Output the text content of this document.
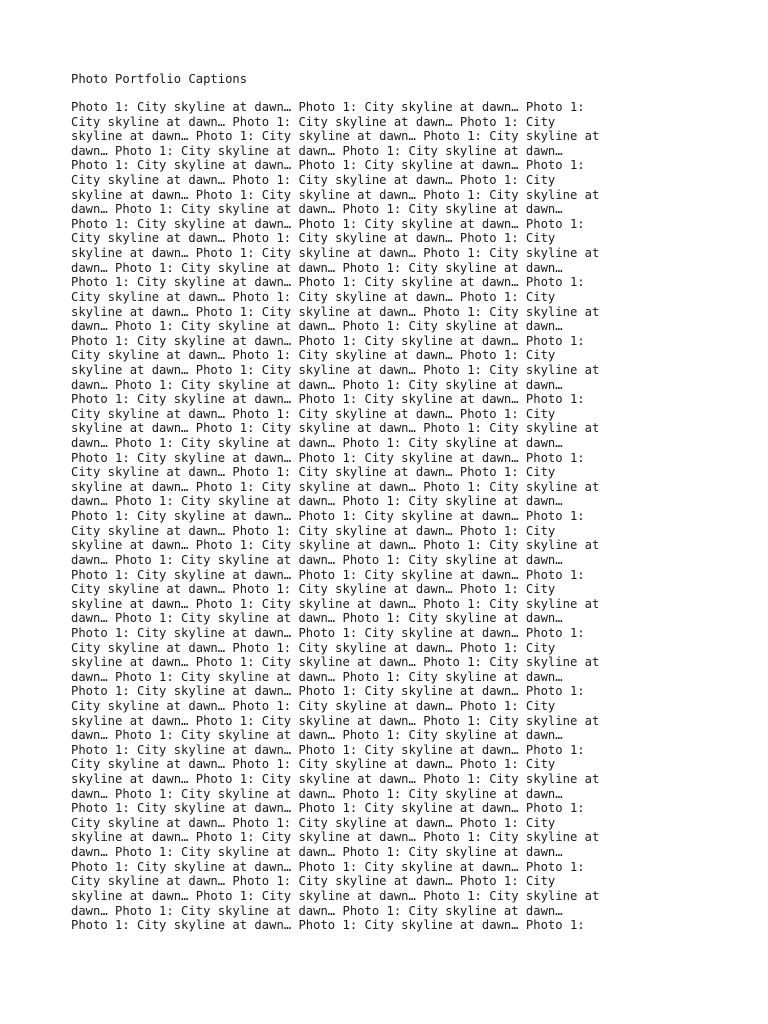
Photo Portfolio Captions
Photo 1: City skyline at dawn… Photo 1: City skyline at dawn… Photo 1:
City skyline at dawn… Photo 1: City skyline at dawn… Photo 1: City
skyline at dawn… Photo 1: City skyline at dawn… Photo 1: City skyline at
dawn… Photo 1: City skyline at dawn… Photo 1: City skyline at dawn…
Photo 1: City skyline at dawn… Photo 1: City skyline at dawn… Photo 1:
City skyline at dawn… Photo 1: City skyline at dawn… Photo 1: City
skyline at dawn… Photo 1: City skyline at dawn… Photo 1: City skyline at
dawn… Photo 1: City skyline at dawn… Photo 1: City skyline at dawn…
Photo 1: City skyline at dawn… Photo 1: City skyline at dawn… Photo 1:
City skyline at dawn… Photo 1: City skyline at dawn… Photo 1: City
skyline at dawn… Photo 1: City skyline at dawn… Photo 1: City skyline at
dawn… Photo 1: City skyline at dawn… Photo 1: City skyline at dawn…
Photo 1: City skyline at dawn… Photo 1: City skyline at dawn… Photo 1:
City skyline at dawn… Photo 1: City skyline at dawn… Photo 1: City
skyline at dawn… Photo 1: City skyline at dawn… Photo 1: City skyline at
dawn… Photo 1: City skyline at dawn… Photo 1: City skyline at dawn…
Photo 1: City skyline at dawn… Photo 1: City skyline at dawn… Photo 1:
City skyline at dawn… Photo 1: City skyline at dawn… Photo 1: City
skyline at dawn… Photo 1: City skyline at dawn… Photo 1: City skyline at
dawn… Photo 1: City skyline at dawn… Photo 1: City skyline at dawn…
Photo 1: City skyline at dawn… Photo 1: City skyline at dawn… Photo 1:
City skyline at dawn… Photo 1: City skyline at dawn… Photo 1: City
skyline at dawn… Photo 1: City skyline at dawn… Photo 1: City skyline at
dawn… Photo 1: City skyline at dawn… Photo 1: City skyline at dawn…
Photo 1: City skyline at dawn… Photo 1: City skyline at dawn… Photo 1:
City skyline at dawn… Photo 1: City skyline at dawn… Photo 1: City
skyline at dawn… Photo 1: City skyline at dawn… Photo 1: City skyline at
dawn… Photo 1: City skyline at dawn… Photo 1: City skyline at dawn…
Photo 1: City skyline at dawn… Photo 1: City skyline at dawn… Photo 1:
City skyline at dawn… Photo 1: City skyline at dawn… Photo 1: City
skyline at dawn… Photo 1: City skyline at dawn… Photo 1: City skyline at
dawn… Photo 1: City skyline at dawn… Photo 1: City skyline at dawn…
Photo 1: City skyline at dawn… Photo 1: City skyline at dawn… Photo 1:
City skyline at dawn… Photo 1: City skyline at dawn… Photo 1: City
skyline at dawn… Photo 1: City skyline at dawn… Photo 1: City skyline at
dawn… Photo 1: City skyline at dawn… Photo 1: City skyline at dawn…
Photo 1: City skyline at dawn… Photo 1: City skyline at dawn… Photo 1:
City skyline at dawn… Photo 1: City skyline at dawn… Photo 1: City
skyline at dawn… Photo 1: City skyline at dawn… Photo 1: City skyline at
dawn… Photo 1: City skyline at dawn… Photo 1: City skyline at dawn…
Photo 1: City skyline at dawn… Photo 1: City skyline at dawn… Photo 1:
City skyline at dawn… Photo 1: City skyline at dawn… Photo 1: City
skyline at dawn… Photo 1: City skyline at dawn… Photo 1: City skyline at
dawn… Photo 1: City skyline at dawn… Photo 1: City skyline at dawn…
Photo 1: City skyline at dawn… Photo 1: City skyline at dawn… Photo 1:
City skyline at dawn… Photo 1: City skyline at dawn… Photo 1: City
skyline at dawn… Photo 1: City skyline at dawn… Photo 1: City skyline at
dawn… Photo 1: City skyline at dawn… Photo 1: City skyline at dawn…
Photo 1: City skyline at dawn… Photo 1: City skyline at dawn… Photo 1:
City skyline at dawn… Photo 1: City skyline at dawn… Photo 1: City
skyline at dawn… Photo 1: City skyline at dawn… Photo 1: City skyline at
dawn… Photo 1: City skyline at dawn… Photo 1: City skyline at dawn…
Photo 1: City skyline at dawn… Photo 1: City skyline at dawn… Photo 1:
City skyline at dawn… Photo 1: City skyline at dawn… Photo 1: City
skyline at dawn… Photo 1: City skyline at dawn… Photo 1: City skyline at
dawn… Photo 1: City skyline at dawn… Photo 1: City skyline at dawn…
Photo 1: City skyline at dawn… Photo 1: City skyline at dawn… Photo 1:
